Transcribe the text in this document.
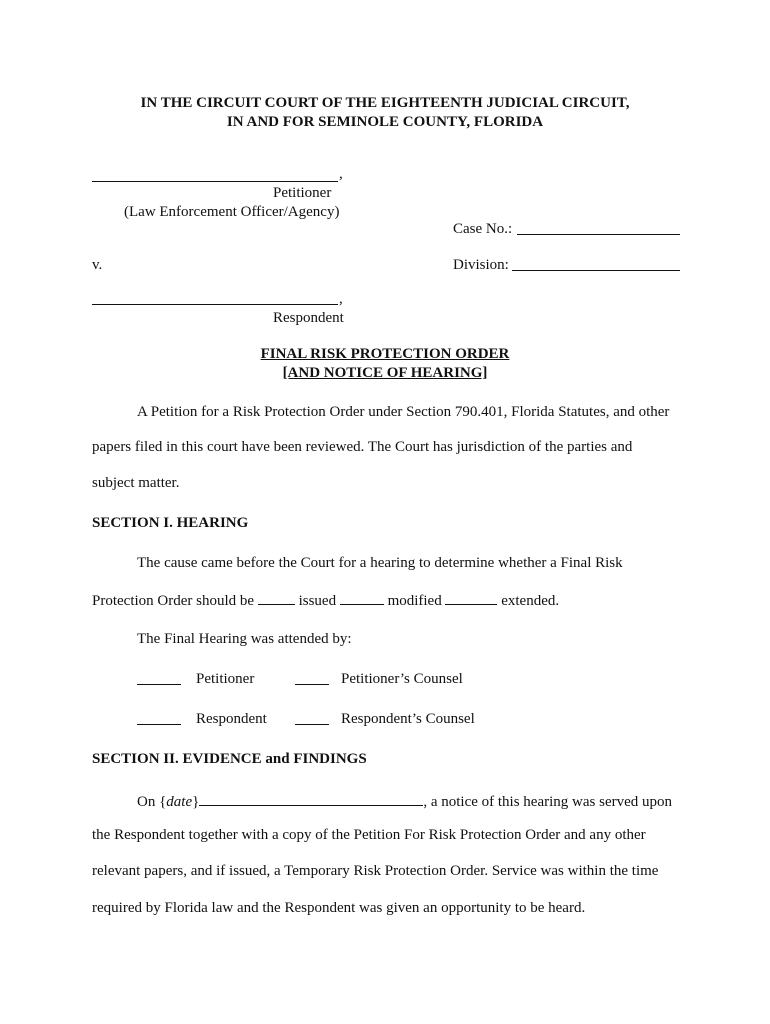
IN THE CIRCUIT COURT OF THE EIGHTEENTH JUDICIAL CIRCUIT,
IN AND FOR SEMINOLE COUNTY, FLORIDA
,
Petitioner
(Law Enforcement Officer/Agency)
Case No.:
v.	Division:
,
Respondent
FINAL RISK PROTECTION ORDER
[AND NOTICE OF HEARING]
A Petition for a Risk Protection Order under Section 790.401, Florida Statutes, and other
papers filed in this court have been reviewed. The Court has jurisdiction of the parties and
subject matter.
SECTION I. HEARING
The cause came before the Court for a hearing to determine whether a Final Risk
Protection Order should be	issued	modified	extended.
The Final Hearing was attended by:
Petitioner	Petitioner’s Counsel
Respondent	Respondent’s Counsel
SECTION II. EVIDENCE and FINDINGS
On {date}	, a notice of this hearing was served upon
the Respondent together with a copy of the Petition For Risk Protection Order and any other
relevant papers, and if issued, a Temporary Risk Protection Order. Service was within the time
required by Florida law and the Respondent was given an opportunity to be heard.
